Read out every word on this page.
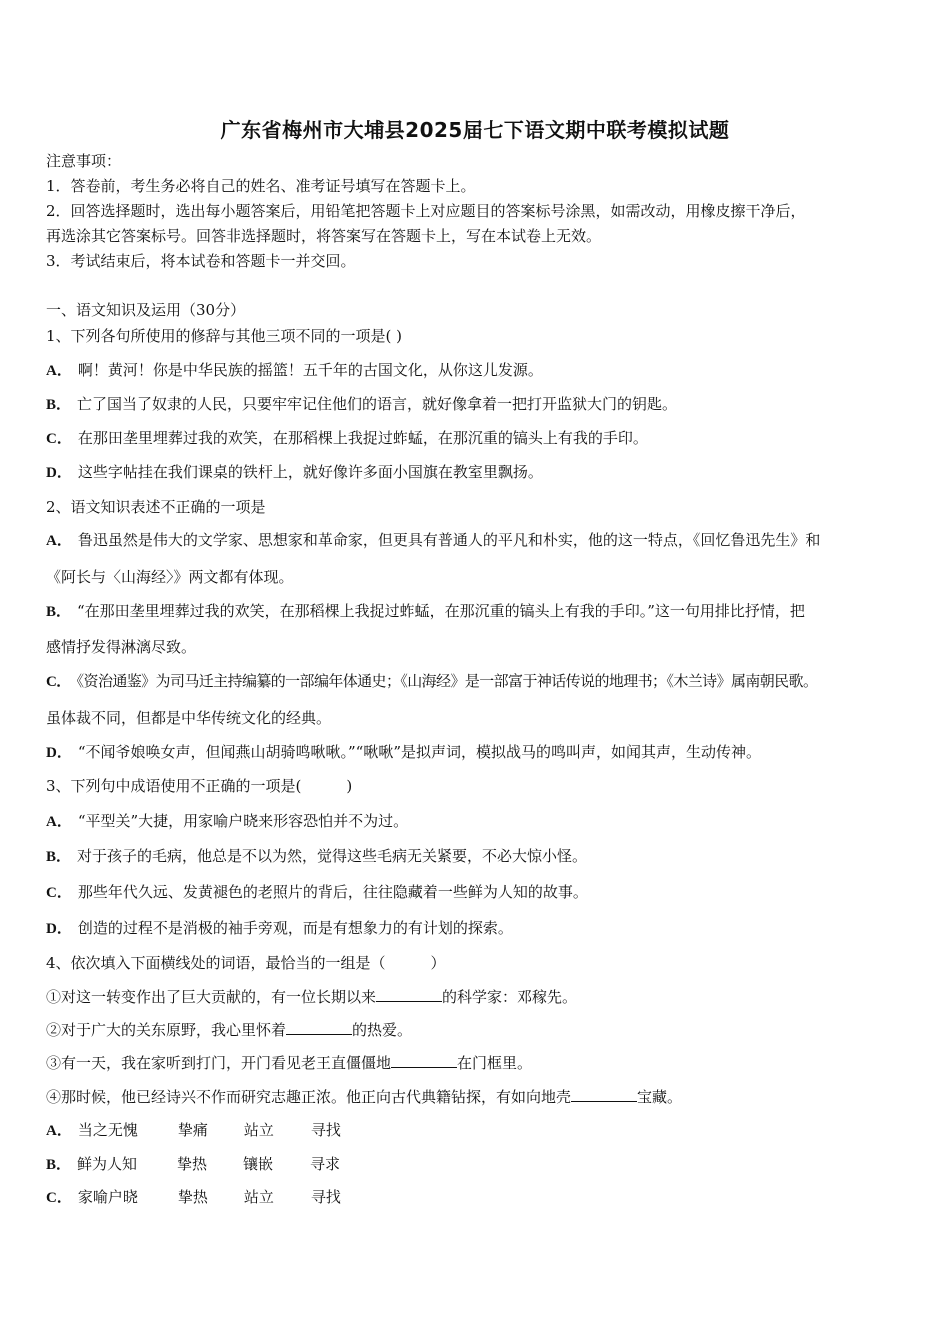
广东省梅州市大埔县2025届七下语文期中联考模拟试题
注意事项：
1．答卷前，考生务必将自己的姓名、准考证号填写在答题卡上。
2．回答选择题时，选出每小题答案后，用铅笔把答题卡上对应题目的答案标号涂黑，如需改动，用橡皮擦干净后，
再选涂其它答案标号。回答非选择题时，将答案写在答题卡上，写在本试卷上无效。
3．考试结束后，将本试卷和答题卡一并交回。
一、语文知识及运用（30分）
1、下列各句所使用的修辞与其他三项不同的一项是( )
A． 啊！黄河！你是中华民族的摇篮！五千年的古国文化，从你这儿发源。
B． 亡了国当了奴隶的人民，只要牢牢记住他们的语言，就好像拿着一把打开监狱大门的钥匙。
C． 在那田垄里埋葬过我的欢笑，在那稻棵上我捉过蚱蜢，在那沉重的镐头上有我的手印。
D． 这些字帖挂在我们课桌的铁杆上，就好像许多面小国旗在教室里飘扬。
2、语文知识表述不正确的一项是
A． 鲁迅虽然是伟大的文学家、思想家和革命家，但更具有普通人的平凡和朴实，他的这一特点，《回忆鲁迅先生》和
《阿长与〈山海经〉》两文都有体现。
B． “在那田垄里埋葬过我的欢笑，在那稻棵上我捉过蚱蜢，在那沉重的镐头上有我的手印。”这一句用排比抒情，把
感情抒发得淋漓尽致。
C． 《资治通鉴》为司马迁主持编纂的一部编年体通史；《山海经》是一部富于神话传说的地理书；《木兰诗》属南朝民歌。
虽体裁不同，但都是中华传统文化的经典。
D． “不闻爷娘唤女声，但闻燕山胡骑鸣啾啾。”“啾啾”是拟声词，模拟战马的鸣叫声，如闻其声，生动传神。
3、下列句中成语使用不正确的一项是(　　　)
A． “平型关”大捷，用家喻户晓来形容恐怕并不为过。
B． 对于孩子的毛病，他总是不以为然，觉得这些毛病无关紧要，不必大惊小怪。
C． 那些年代久远、发黄褪色的老照片的背后，往往隐藏着一些鲜为人知的故事。
D． 创造的过程不是消极的袖手旁观，而是有想象力的有计划的探索。
4、依次填入下面横线处的词语，最恰当的一组是（　　　）
①对这一转变作出了巨大贡献的，有一位长期以来	的科学家：邓稼先。
②对于广大的关东原野，我心里怀着	的热爱。
③有一天，我在家听到打门，开门看见老王直僵僵地	在门框里。
④那时候，他已经诗兴不作而研究志趣正浓。他正向古代典籍钻探，有如向地壳	宝藏。
A． 当之无愧	挚痛 站立 寻找
B． 鲜为人知	挚热 镶嵌 寻求
C． 家喻户晓	挚热 站立 寻找
